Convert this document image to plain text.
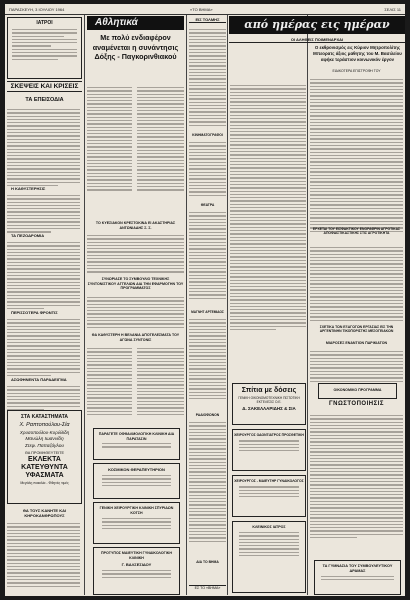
ΠΑΡΑΣΚΕΥΗ, 3 ΙΟΥΛΙΟΥ 1964	«ΤΟ ΒΗΜΑ»	ΣΕΛΙΣ 11
ΙΑΤΡΟΙ
ΣΚΕΨΕΙΣ ΚΑΙ ΚΡΙΣΕΙΣ
ΤΑ ΕΠΕΙΣΟΔΙΑ
Η ΚΑΘΥΣΤΕΡΗΣΙΣ
ΤΑ ΠΕΖΟΔΡΟΜΙΑ
ΠΕΡΙΣΣΟΤΕΡΑ ΦΡΟΝΤΙΣ
ΑΣΩΦΗΝΕΝΤΑ ΠΑΡΑΔΕΙΓΜΑ
ΣΤΑ ΚΑΤΑΣΤΗΜΑΤΑ
Χ. Ραπτοπούλου-Σία
Χρυσοπούλου-Κυριλλίδη
Μανώλη Ιωαννίδη
Στεφ. Παπαζόγλου
ΘΑ ΠΡΟΜΗΘΕΥΤΕΙΤΕ
ΕΚΛΕΚΤΑ ΚΑΤΕΥΘΥΝΤΑ ΥΦΑΣΜΑΤΑ
Μεγάλη ποικιλία - Φθηνές τιμές
ΘΑ ΤΟΥΣ ΚΑΝΗΤΕ ΚΑΙ ΚΗΡΟΚΑΝΘΡΩΠΟΥΣ
Αθλητικά
Με πολύ ενδιαφέρον αναμένεται η συνάντησις Δόξης - Παγκορινθιακού
ΤΟ ΚΥΕΣΙΑΚΟΝ ΚΡΕΣΤΟΚΙΝΑ ΕΙ ΑΚΑΣΤΗΡΙΑΣ ΑΝΤΩΝΙΑΔΗΣ Σ. Σ.
ΣΥΝΩΡΙΑΣΕ ΤΟ ΣΥΜΒΟΥΛΙΟ ΤΕΧΝΙΚΗΣ ΣΥΝΤΟΝΙΣΤΙΚΟΥ ΑΓΓΕΛΙΩΝ ΔΙΑ ΤΗΝ ΕΦΑΡΜΟΓΗΝ ΤΟΥ ΠΡΟΓΡΑΜΜΑΤΟΣ
ΘΑ ΚΑΘΥΣΤΕΡΗ Η ΒΕΛΑΝΙΑ ΑΠΟΤΕΛΕΣΜΑΤΑ ΤΟΥ ΑΓΩΝΑ ΣΥΝΤΟΝΙΣ
ΠΑΡΑΓΕΤΕ ΟΦΘΑΛΜΟΛΟΓΙΚΗ ΚΛΙΝΙΚΗ ΔΙΑ ΠΑΡΑΤΑΣΙΝ
ΚΟΣΜΙΚΟΝ ΘΕΡΑΠΕΥΤΗΡΙΟΝ
ΓΕΝΙΚΗ ΧΕΙΡΟΥΡΓΙΚΗ ΚΛΙΝΙΚΗ ΣΠΥΡΙΔΩΝ ΚΟΤΣΗ
ΠΡΟΤΥΠΟΣ ΜΑΙΕΥΤΙΚΗ ΓΥΝΑΙΚΟΛΟΓΙΚΗ ΚΛΙΝΙΚΗ
Γ. ΒΑΛΣΕΣΙΔΟΥ
ΕΙΣ ΤΟΛΜΗΣ
ΚΙΝΗΜΑΤΟΓΡΑΦΟΙ
ΘΕΑΤΡΑ
ΜΑΓΝΗΤ ΑΡΤΕΜΙΔΟΣ
ΡΑΔΙΟΦΩΝΟΝ
ΔΙΑ ΤΟ ΒΗΜΑ
ΕΣ ΤΟ «ΒΗΜΑ»
Σπίτια με δόσεις
ΓΕΝΙΚΗ ΟΙΚΟΝΟΜΟΤΕΧΝΙΚΗ ΠΙΣΤΩΤΙΚΗ ΕΚΤΕΛΕΣΙΣ Ο.Ε.
Δ. ΣΑΚΕΛΛΑΡΙΔΗΣ & ΣΙΑ
ΧΕΙΡΟΥΡΓΟΣ ΟΔΟΝΤΙΑΤΡΟΣ ΠΡΟΣΘΕΤΙΚΗ
ΧΕΙΡΟΥΡΓΟΣ - ΜΑΙΕΥΤΗΡ ΓΥΝΑΙΚΟΛΟΓΟΣ
ΚΛΕΙΝΙΚΟΣ ΙΑΤΡΟΣ
από ημέρας εις ημέραν
ΟΙ ΑΛΗΘΕΙΣ ΠΟΙΜΕΝΑΡΧΑΙ
Ο εκθρονισμός εις Κύριον Μητροπολίτης Μπεορατς άξιος μαθητης του Μ. Βασιλείου αφήκε τεράστιον κοινωνικόν έργον
ΕΙΔΙΚΟΤΕΡΑ ΕΠΙΣΤΡΟΦΗ ΤΟΥ
ΕΡΧΕΤΑΙ ΤΟΥ ΕΙΣΦΑΚΤΙΚΟΥ ΕΝΟΡΑΦΡΙΝ ΑΓΡΟΤΙΚΑΣ ΑΠΟΦΑΙΣΤΙΚΑΣΤΙΚΗΣ ΣΤΙΣ ΑΓΡΟΤΙΚΗΤΑ
ΣΧΕΤΙΚΑ ΤΩΝ ΕΞΑΓΩΓΩΝ ΕΡΓΑΣΙΑΣ ΕΙΣ ΤΗΝ ΑΡΓΕΝΤΙΝΗΝ ΤΙΚΟΠΟΡΙΣΤΗΣ ΜΕΣΟΓΕΙΑΚΩΝ
ΜΙΑΡΟΣΕΣ ΕΝΑΝΤΙΟΝ ΠΑΡΙΚΙΑΤΟΝ
ΟΙΚΟΝΟΜΙΚΟ ΠΡΟΓΡΑΜΜΑ
ΓΝΩΣΤΟΠΟΙΗΣΙΣ
ΤΑ ΓΥΜΝΑΣΙΑ ΤΟΥ ΣΥΜΒΟΥΛΕΥΤΙΚΟΥ ΔΡΑΜΑΣ
